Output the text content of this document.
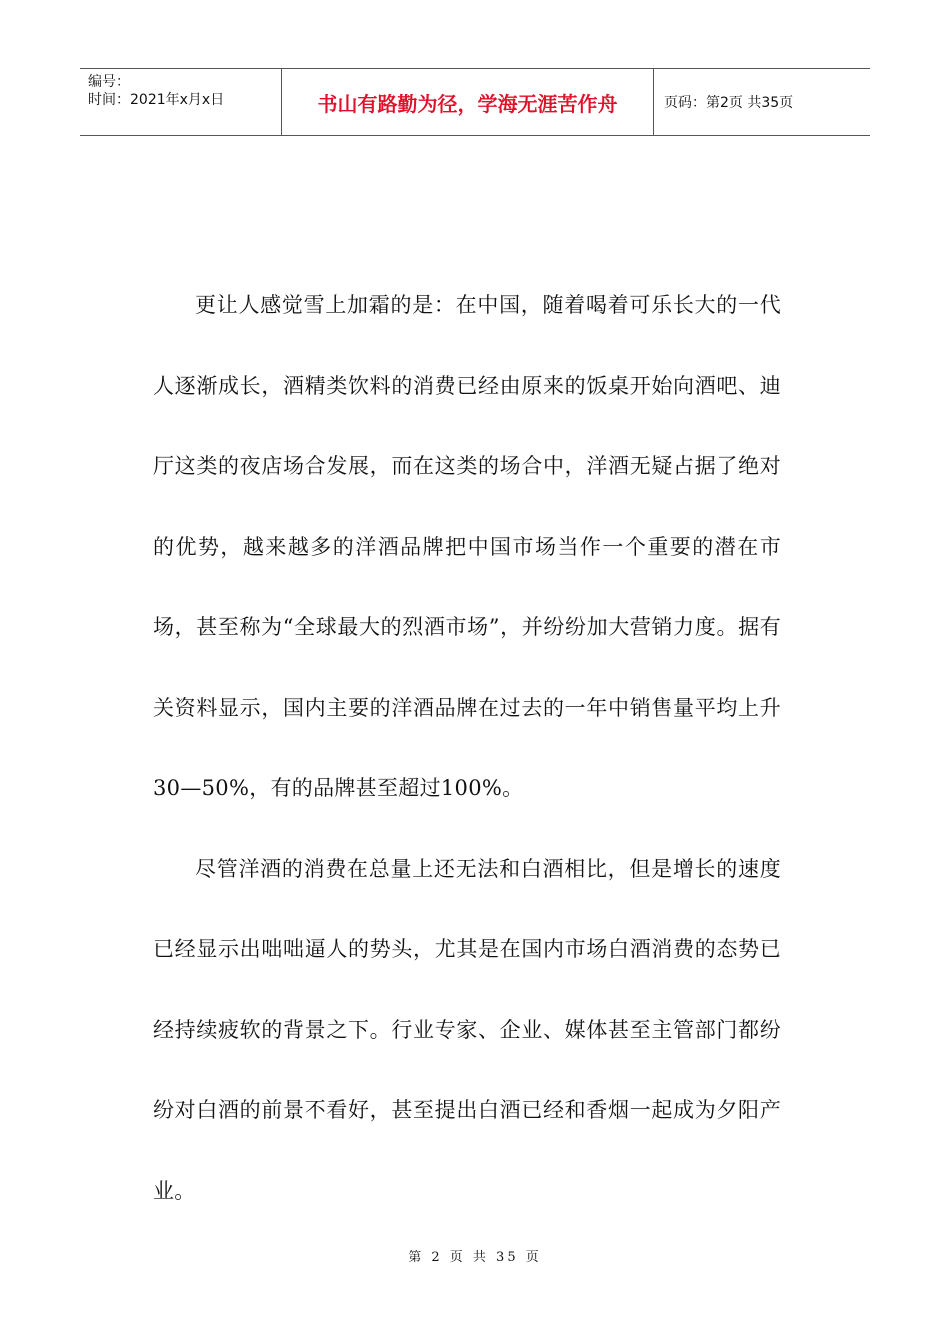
编号：
时间：2021年x月x日	书山有路勤为径，学海无涯苦作舟	页码：第2页 共35页

更让人感觉雪上加霜的是：在中国，随着喝着可乐长大的一代人逐渐成长，酒精类饮料的消费已经由原来的饭桌开始向酒吧、迪厅这类的夜店场合发展，而在这类的场合中，洋酒无疑占据了绝对的优势，越来越多的洋酒品牌把中国市场当作一个重要的潜在市场，甚至称为“全球最大的烈酒市场”，并纷纷加大营销力度。据有关资料显示，国内主要的洋酒品牌在过去的一年中销售量平均上升30—50%，有的品牌甚至超过100%。

尽管洋酒的消费在总量上还无法和白酒相比，但是增长的速度已经显示出咄咄逼人的势头，尤其是在国内市场白酒消费的态势已经持续疲软的背景之下。行业专家、企业、媒体甚至主管部门都纷纷对白酒的前景不看好，甚至提出白酒已经和香烟一起成为夕阳产业。

第 2 页 共 35 页
